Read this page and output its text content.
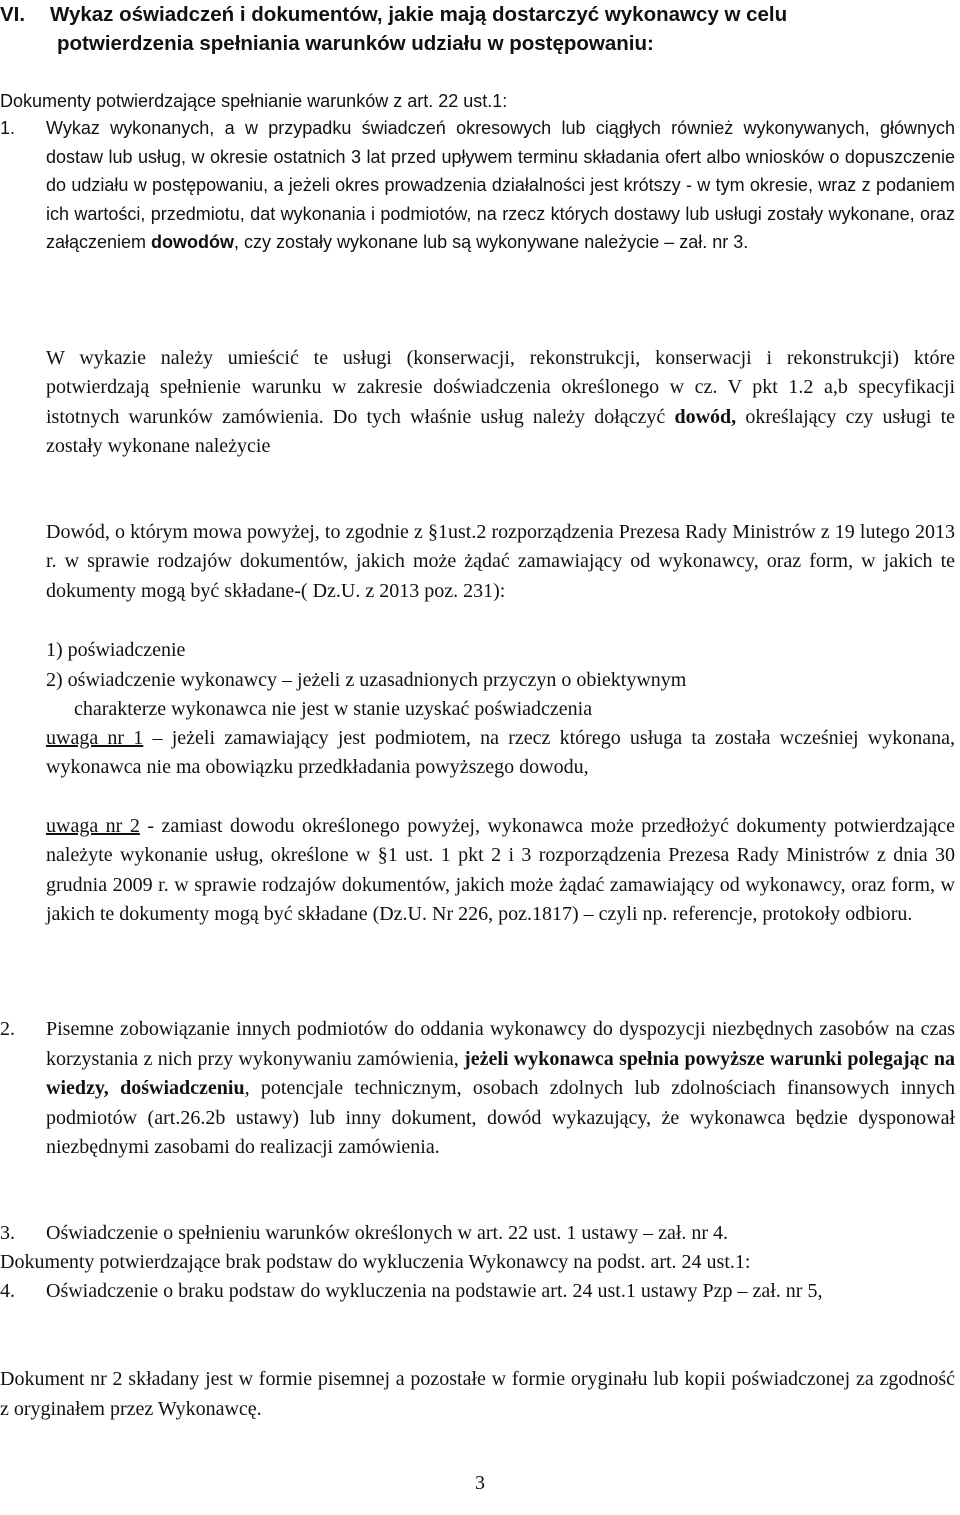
VI. Wykaz oświadczeń i dokumentów, jakie mają dostarczyć wykonawcy w celu

potwierdzenia spełniania warunków udziału w postępowaniu:

Dokumenty potwierdzające spełnianie warunków z art. 22 ust.1:

1.	Wykaz wykonanych, a w przypadku świadczeń okresowych lub ciągłych również wykonywanych, głównych dostaw lub usług, w okresie ostatnich 3 lat przed upływem terminu składania ofert albo wniosków o dopuszczenie do udziału w postępowaniu, a jeżeli okres prowadzenia działalności jest krótszy - w tym okresie, wraz z podaniem ich wartości, przedmiotu, dat wykonania i podmiotów, na rzecz których dostawy lub usługi zostały wykonane, oraz załączeniem dowodów, czy zostały wykonane lub są wykonywane należycie – zał. nr 3.

W wykazie należy umieścić te usługi (konserwacji, rekonstrukcji, konserwacji i rekonstrukcji) które potwierdzają spełnienie warunku w zakresie doświadczenia określonego w cz. V pkt 1.2 a,b specyfikacji istotnych warunków zamówienia. Do tych właśnie usług należy dołączyć dowód, określający czy usługi te zostały wykonane należycie

Dowód, o którym mowa powyżej, to zgodnie z §1ust.2 rozporządzenia Prezesa Rady Ministrów z 19 lutego 2013 r. w sprawie rodzajów dokumentów, jakich może żądać zamawiający od wykonawcy, oraz form, w jakich te dokumenty mogą być składane-( Dz.U. z 2013 poz. 231):

1) poświadczenie

2) oświadczenie wykonawcy – jeżeli z uzasadnionych przyczyn o obiektywnym

charakterze wykonawca nie jest w stanie uzyskać poświadczenia

uwaga nr 1 – jeżeli zamawiający jest podmiotem, na rzecz którego usługa ta została wcześniej wykonana, wykonawca nie ma obowiązku przedkładania powyższego dowodu,

uwaga nr 2 - zamiast dowodu określonego powyżej, wykonawca może przedłożyć dokumenty potwierdzające należyte wykonanie usług, określone w §1 ust. 1 pkt 2 i 3 rozporządzenia Prezesa Rady Ministrów z dnia 30 grudnia 2009 r. w sprawie rodzajów dokumentów, jakich może żądać zamawiający od wykonawcy, oraz form, w jakich te dokumenty mogą być składane (Dz.U. Nr 226, poz.1817) – czyli np. referencje, protokoły odbioru.

2.	Pisemne zobowiązanie innych podmiotów do oddania wykonawcy do dyspozycji niezbędnych zasobów na czas korzystania z nich przy wykonywaniu zamówienia, jeżeli wykonawca spełnia powyższe warunki polegając na wiedzy, doświadczeniu, potencjale technicznym, osobach zdolnych lub zdolnościach finansowych innych podmiotów (art.26.2b ustawy) lub inny dokument, dowód wykazujący, że wykonawca będzie dysponował niezbędnymi zasobami do realizacji zamówienia.

3.	Oświadczenie o spełnieniu warunków określonych w art. 22 ust. 1 ustawy – zał. nr 4.

Dokumenty potwierdzające brak podstaw do wykluczenia Wykonawcy na podst. art. 24 ust.1:

4.	Oświadczenie o braku podstaw do wykluczenia na podstawie art. 24 ust.1 ustawy Pzp – zał. nr 5,

Dokument nr 2 składany jest w formie pisemnej a pozostałe w formie oryginału lub kopii poświadczonej za zgodność z oryginałem przez Wykonawcę.

3
